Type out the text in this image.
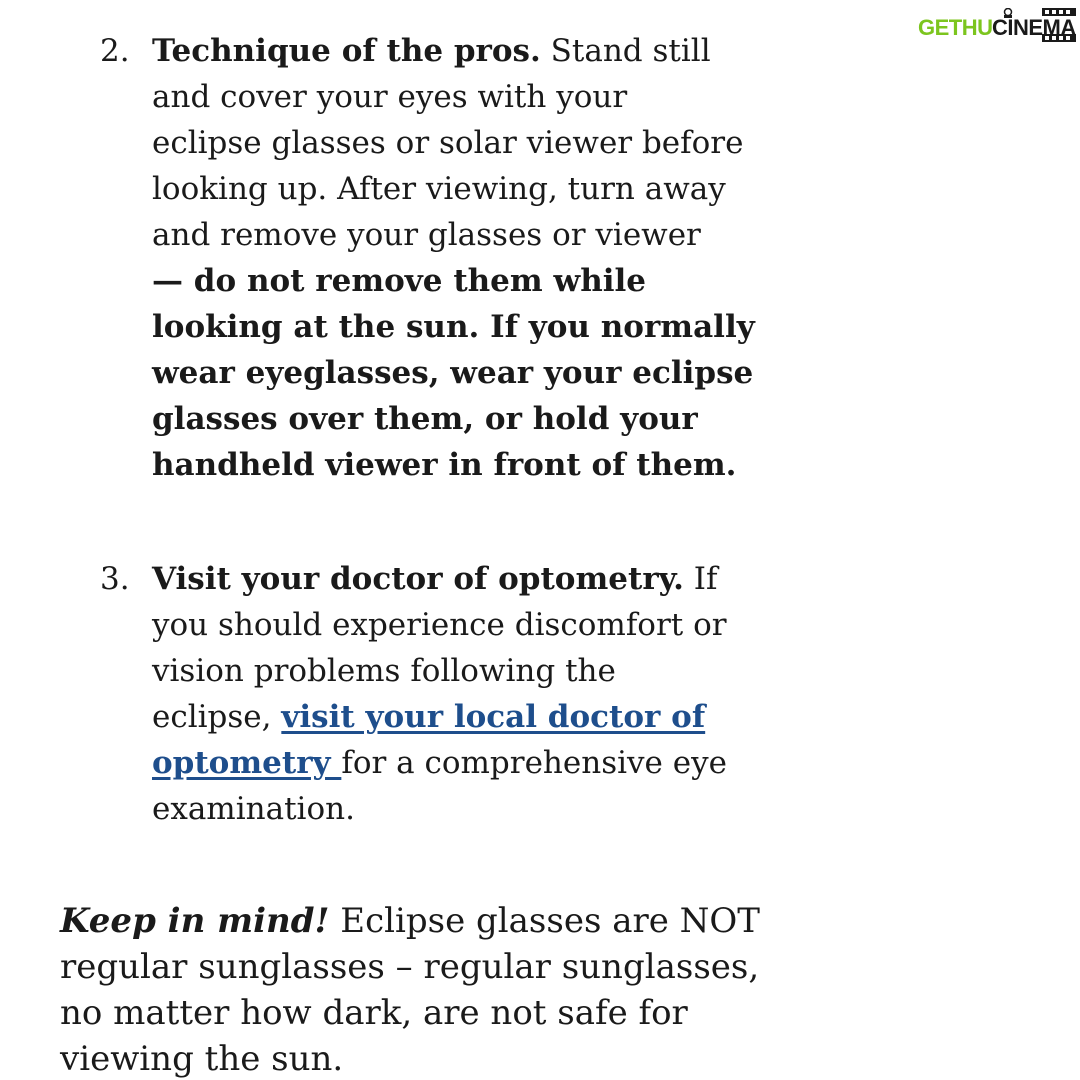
GETHU CINEMA
2. Technique of the pros. Stand still
and cover your eyes with your
eclipse glasses or solar viewer before
looking up. After viewing, turn away
and remove your glasses or viewer
— do not remove them while
looking at the sun. If you normally
wear eyeglasses, wear your eclipse
glasses over them, or hold your
handheld viewer in front of them.
3. Visit your doctor of optometry. If
you should experience discomfort or
vision problems following the
eclipse, visit your local doctor of
optometry for a comprehensive eye
examination.
Keep in mind! Eclipse glasses are NOT
regular sunglasses – regular sunglasses,
no matter how dark, are not safe for
viewing the sun.
